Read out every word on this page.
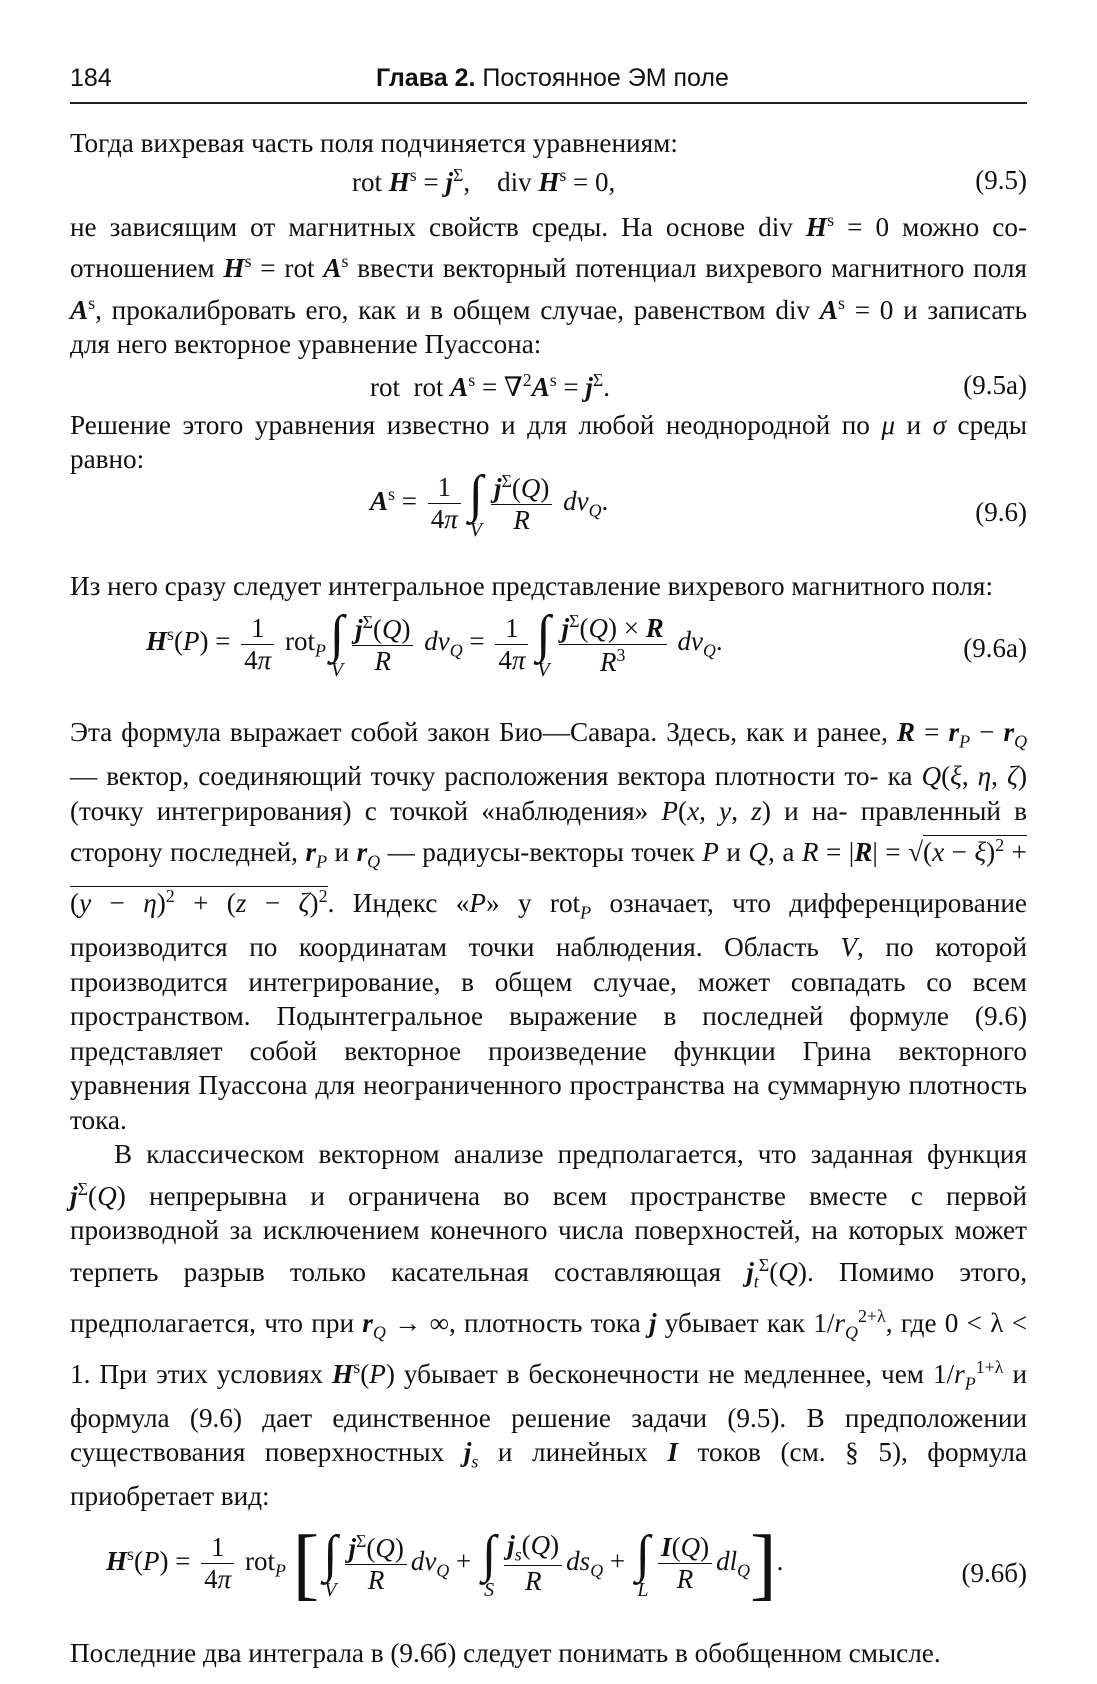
184	Глава 2. Постоянное ЭМ поле

Тогда вихревая часть поля подчиняется уравнениям:

rot $H^s = j^\Sigma$,    div $H^s = 0$,	(9.5)

не зависящим от магнитных свойств среды. На основе div $H^s = 0$ можно со- отношением $H^s$ = rot $A^s$ ввести векторный потенциал вихревого магнитного поля $A^s$, прокалибровать его, как и в общем случае, равенством div $A^s = 0$ и записать для него векторное уравнение Пуассона:

rot  rot $A^s = \nabla^2A^s = j^\Sigma$.	(9.5а)

Решение этого уравнения известно и для любой неоднородной по μ и σ среды равно:

$A^s = \frac{1}{4\pi}$ ∫
V $\frac{j^\Sigma(Q)}{R} dv_Q$.	(9.6)

Из него сразу следует интегральное представление вихревого магнитного поля:

$H^s(P) = \frac{1}{4\pi} rot_P$ ∫
V $\frac{j^\Sigma(Q)}{R} dv_Q = \frac{1}{4\pi}$ ∫
V $\frac{j^\Sigma(Q) \times R}{R^3} dv_Q$.	(9.6а)

Эта формула выражает собой закон Био—Савара. Здесь, как и ранее, $R = r_P - r_Q$ — вектор, соединяющий точку расположения вектора плотности то- ка Q(ξ, η, ζ) (точку интегрирования) с точкой «наблюдения» P(x, y, z) и на- правленный в сторону последней, $r_P$ и $r_Q$ — радиусы-векторы точек P и Q, а $R = |R| = √(x - \xi)^2 + (y - \eta)^2 + (z - \zeta)^2$. Индекс «P» у rot$_P$ означает, что дифференцирование производится по координатам точки наблюдения. Область V, по которой производится интегрирование, в общем случае, может совпадать со всем пространством. Подынтегральное выражение в последней формуле (9.6) представляет собой векторное произведение функции Грина векторного уравнения Пуассона для неограниченного пространства на суммарную плотность тока.

В классическом векторном анализе предполагается, что заданная функция $j^\Sigma(Q)$ непрерывна и ограничена во всем пространстве вместе с первой производной за исключением конечного числа поверхностей, на которых может терпеть разрыв только касательная составляющая $j_t^\Sigma(Q)$. Помимо этого, предполагается, что при $r_Q$ → ∞, плотность тока j убывает как $1/r_Q^{2+\lambda}$, где 0 < λ < 1. При этих условиях $H^s(P)$ убывает в бесконечности не медленнее, чем $1/r_P^{1+\lambda}$ и формула (9.6) дает единственное решение задачи (9.5). В предположении существования поверхностных $j_s$ и линейных I токов (см. § 5), формула приобретает вид:

$H^s(P) = \frac{1}{4\pi} rot_P$ [ ∫
V $\frac{j^\Sigma(Q)}{R} dv_Q$ + ∫
S $\frac{j_s(Q)}{R} ds_Q$ + ∫
L $\frac{I(Q)}{R} dl_Q$].	(9.6б)

Последние два интеграла в (9.6б) следует понимать в обобщенном смысле.
